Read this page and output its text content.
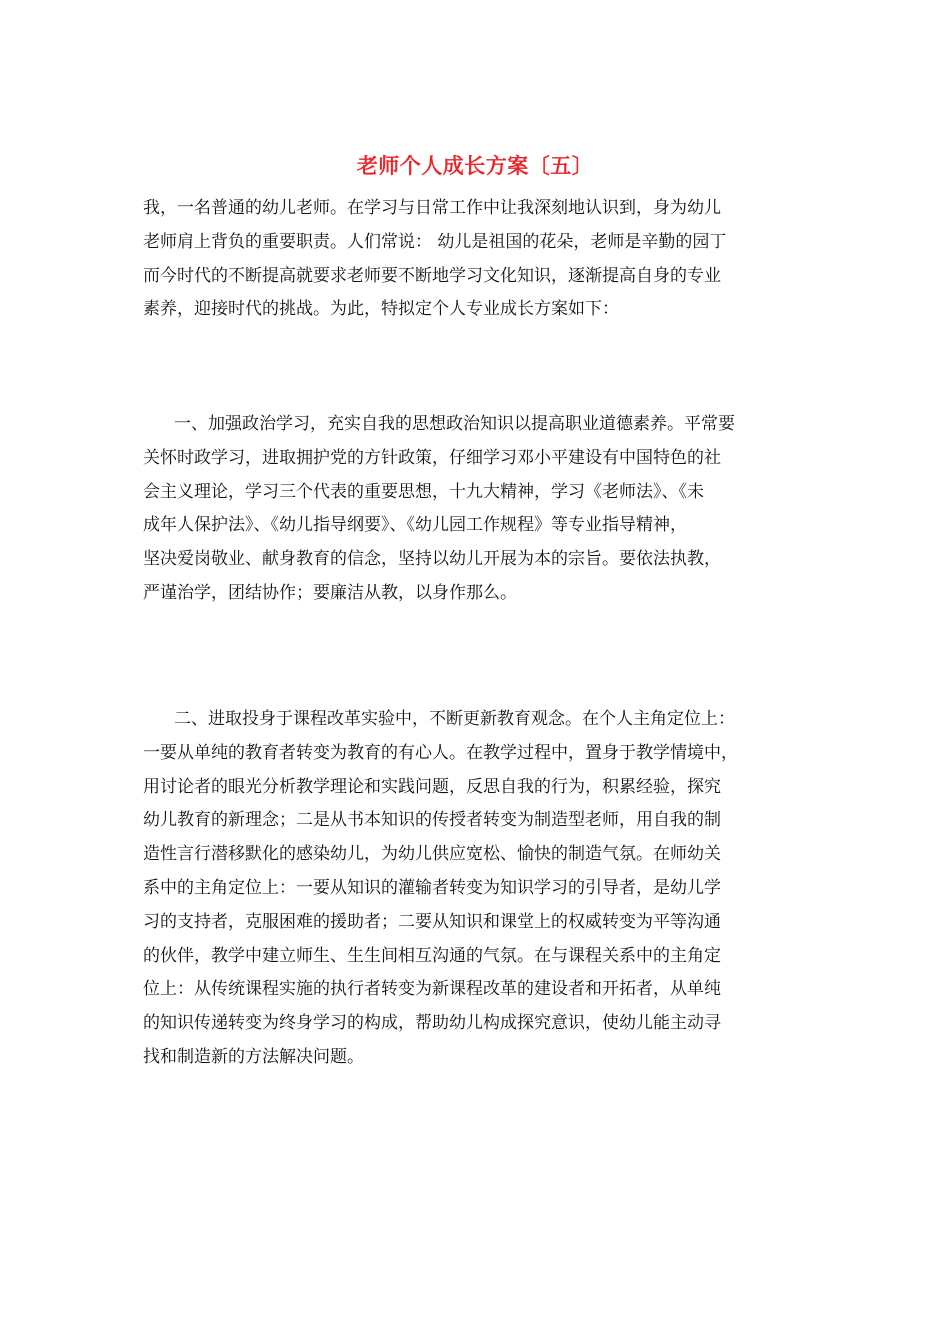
老师个人成长方案〔五〕
我，一名普通的幼儿老师。在学习与日常工作中让我深刻地认识到，身为幼儿
老师肩上背负的重要职责。人们常说： 幼儿是祖国的花朵，老师是辛勤的园丁
而今时代的不断提高就要求老师要不断地学习文化知识，逐渐提高自身的专业
素养，迎接时代的挑战。为此，特拟定个人专业成长方案如下：
一、加强政治学习，充实自我的思想政治知识以提高职业道德素养。平常要
关怀时政学习，进取拥护党的方针政策，仔细学习邓小平建设有中国特色的社
会主义理论，学习三个代表的重要思想，十九大精神，学习《老师法》、《未
成年人保护法》、《幼儿指导纲要》、《幼儿园工作规程》等专业指导精神，
坚决爱岗敬业、献身教育的信念，坚持以幼儿开展为本的宗旨。要依法执教，
严谨治学，团结协作；要廉洁从教，以身作那么。
二、进取投身于课程改革实验中，不断更新教育观念。在个人主角定位上：
一要从单纯的教育者转变为教育的有心人。在教学过程中，置身于教学情境中，
用讨论者的眼光分析教学理论和实践问题，反思自我的行为，积累经验，探究
幼儿教育的新理念；二是从书本知识的传授者转变为制造型老师，用自我的制
造性言行潜移默化的感染幼儿，为幼儿供应宽松、愉快的制造气氛。在师幼关
系中的主角定位上：一要从知识的灌输者转变为知识学习的引导者，是幼儿学
习的支持者，克服困难的援助者；二要从知识和课堂上的权威转变为平等沟通
的伙伴，教学中建立师生、生生间相互沟通的气氛。在与课程关系中的主角定
位上：从传统课程实施的执行者转变为新课程改革的建设者和开拓者，从单纯
的知识传递转变为终身学习的构成，帮助幼儿构成探究意识，使幼儿能主动寻
找和制造新的方法解决问题。
